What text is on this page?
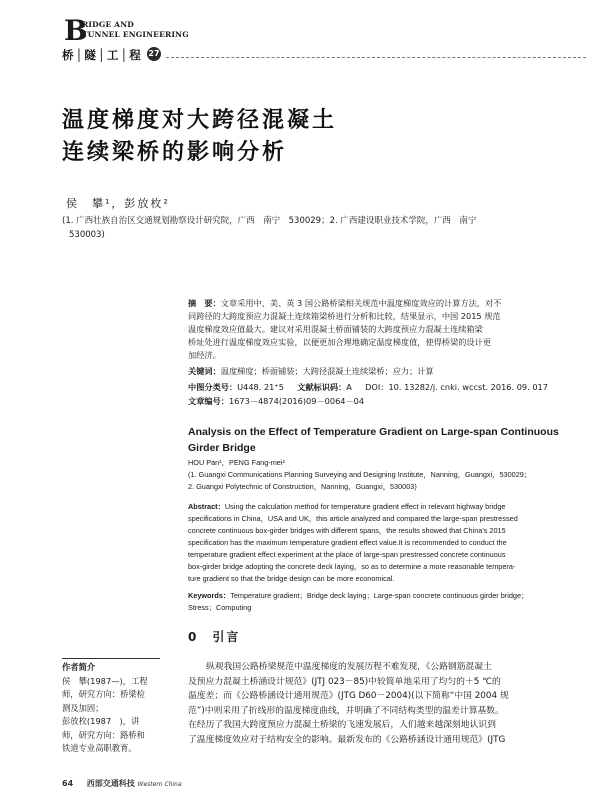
B
RIDGE AND
TUNNEL ENGINEERING
桥│隧│工│程 27
温度梯度对大跨径混凝土
连续梁桥的影响分析
侯　攀¹，彭放枚²
(1. 广西壮族自治区交通规划勘察设计研究院，广西　南宁　530029；2. 广西建设职业技术学院，广西　南宁
530003)
摘　要：文章采用中、美、英 3 国公路桥梁相关规范中温度梯度效应的计算方法，对不
同跨径的大跨度预应力混凝土连续箱梁桥进行分析和比较，结果显示，中国 2015 规范
温度梯度效应值最大。建议对采用混凝土桥面铺装的大跨度预应力混凝土连续箱梁
桥址处进行温度梯度效应实验，以便更加合理地确定温度梯度值，使得桥梁的设计更
加经济。
关键词：温度梯度；桥面铺装；大跨径混凝土连续梁桥；应力；计算
中图分类号：U448. 21⁺5 文献标识码：A DOI：10. 13282/j. cnki. wccst. 2016. 09. 017
文章编号：1673－4874(2016)09－0064－04
Analysis on the Effect of Temperature Gradient on Large-span Continuous
Girder Bridge
HOU Pan¹，PENG Fang-mei²
(1. Guangxi Communications Planning Surveying and Designing Institute，Nanning，Guangxi，530029；
2. Guangxi Polytechnic of Construction，Nanning，Guangxi，530003)
Abstract：Using the calculation method for temperature gradient effect in relevant highway bridge
specifications in China，USA and UK，this article analyzed and compared the large-span prestressed
concrete continuous box-girder bridges with different spans，the results showed that China's 2015
specification has the maximum temperature gradient effect value.It is recommended to conduct the
temperature gradient effect experiment at the place of large-span prestressed concrete continuous
box-girder bridge adopting the concrete deck laying，so as to determine a more reasonable tempera-
ture gradient so that the bridge design can be more economical.
Keywords：Temperature gradient；Bridge deck laying；Large-span concrete continuous girder bridge；
Stress；Computing
0　引言
作者简介
侯　攀(1987—)，工程
师，研究方向：桥梁检
测及加固；
彭放枚(1987　)，讲
师，研究方向：路桥和
铁道专业高职教育。
纵观我国公路桥梁规范中温度梯度的发展历程不难发现，《公路钢筋混凝土
及预应力混凝土桥涵设计规范》(JTJ 023－85)中较简单地采用了均匀的＋5 ℃的
温度差；而《公路桥涵设计通用规范》(JTG D60－2004)(以下简称“中国 2004 规
范”)中则采用了折线形的温度梯度曲线，并明确了不同结构类型的温差计算基数。
在经历了我国大跨度预应力混凝土桥梁的飞速发展后，人们越来越深刻地认识到
了温度梯度效应对于结构安全的影响。最新发布的《公路桥涵设计通用规范》(JTG
64 西部交通科技 Western China
